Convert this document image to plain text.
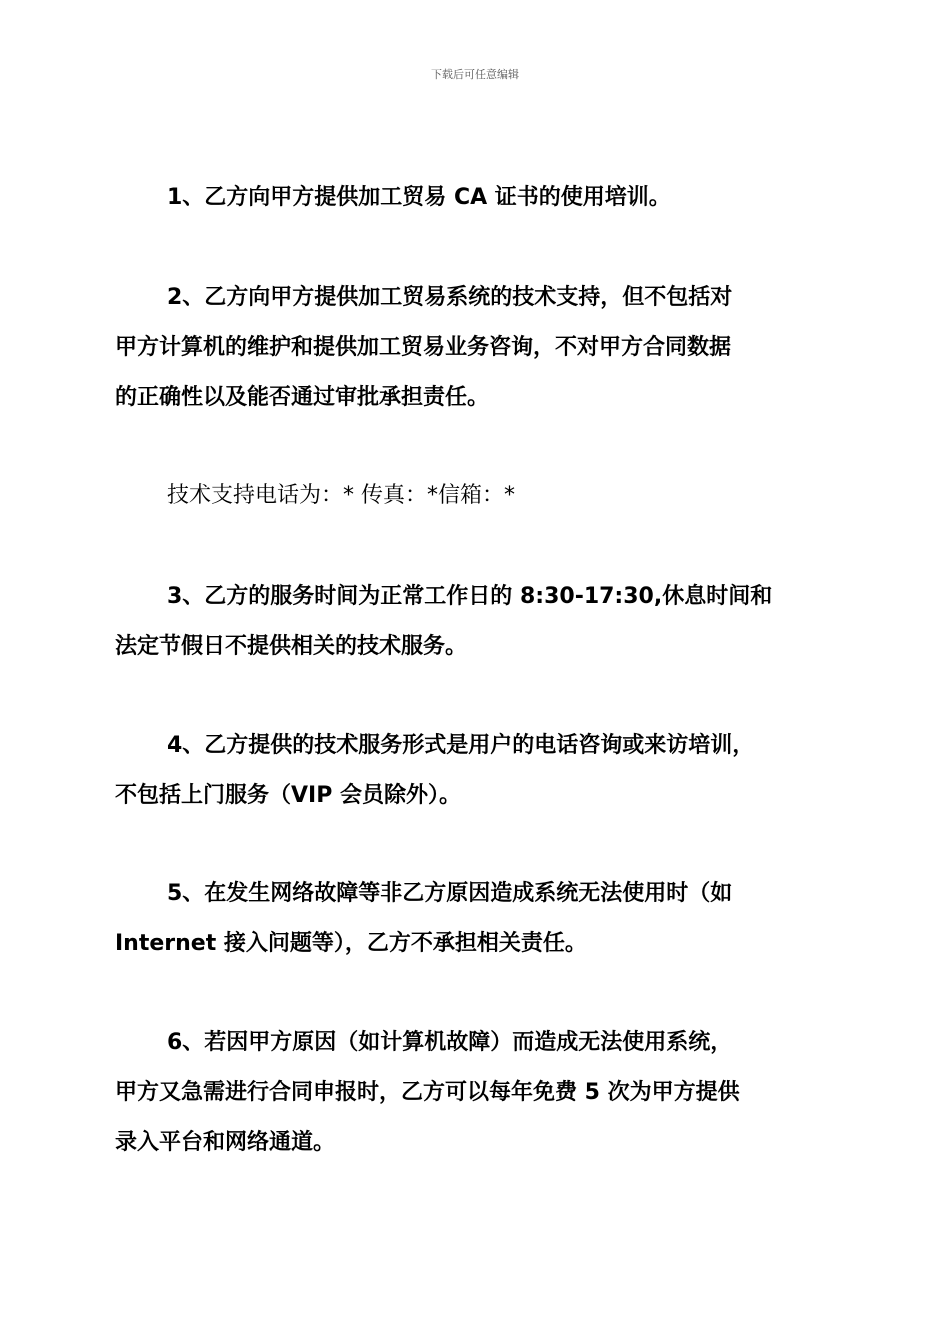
下载后可任意编辑
1、乙方向甲方提供加工贸易 CA 证书的使用培训。
2、乙方向甲方提供加工贸易系统的技术支持，但不包括对
甲方计算机的维护和提供加工贸易业务咨询，不对甲方合同数据
的正确性以及能否通过审批承担责任。
技术支持电话为：* 传真：*信箱：*
3、乙方的服务时间为正常工作日的 8:30-17:30,休息时间和
法定节假日不提供相关的技术服务。
4、乙方提供的技术服务形式是用户的电话咨询或来访培训，
不包括上门服务（VIP 会员除外）。
5、在发生网络故障等非乙方原因造成系统无法使用时（如
Internet 接入问题等），乙方不承担相关责任。
6、若因甲方原因（如计算机故障）而造成无法使用系统，
甲方又急需进行合同申报时，乙方可以每年免费 5 次为甲方提供
录入平台和网络通道。
